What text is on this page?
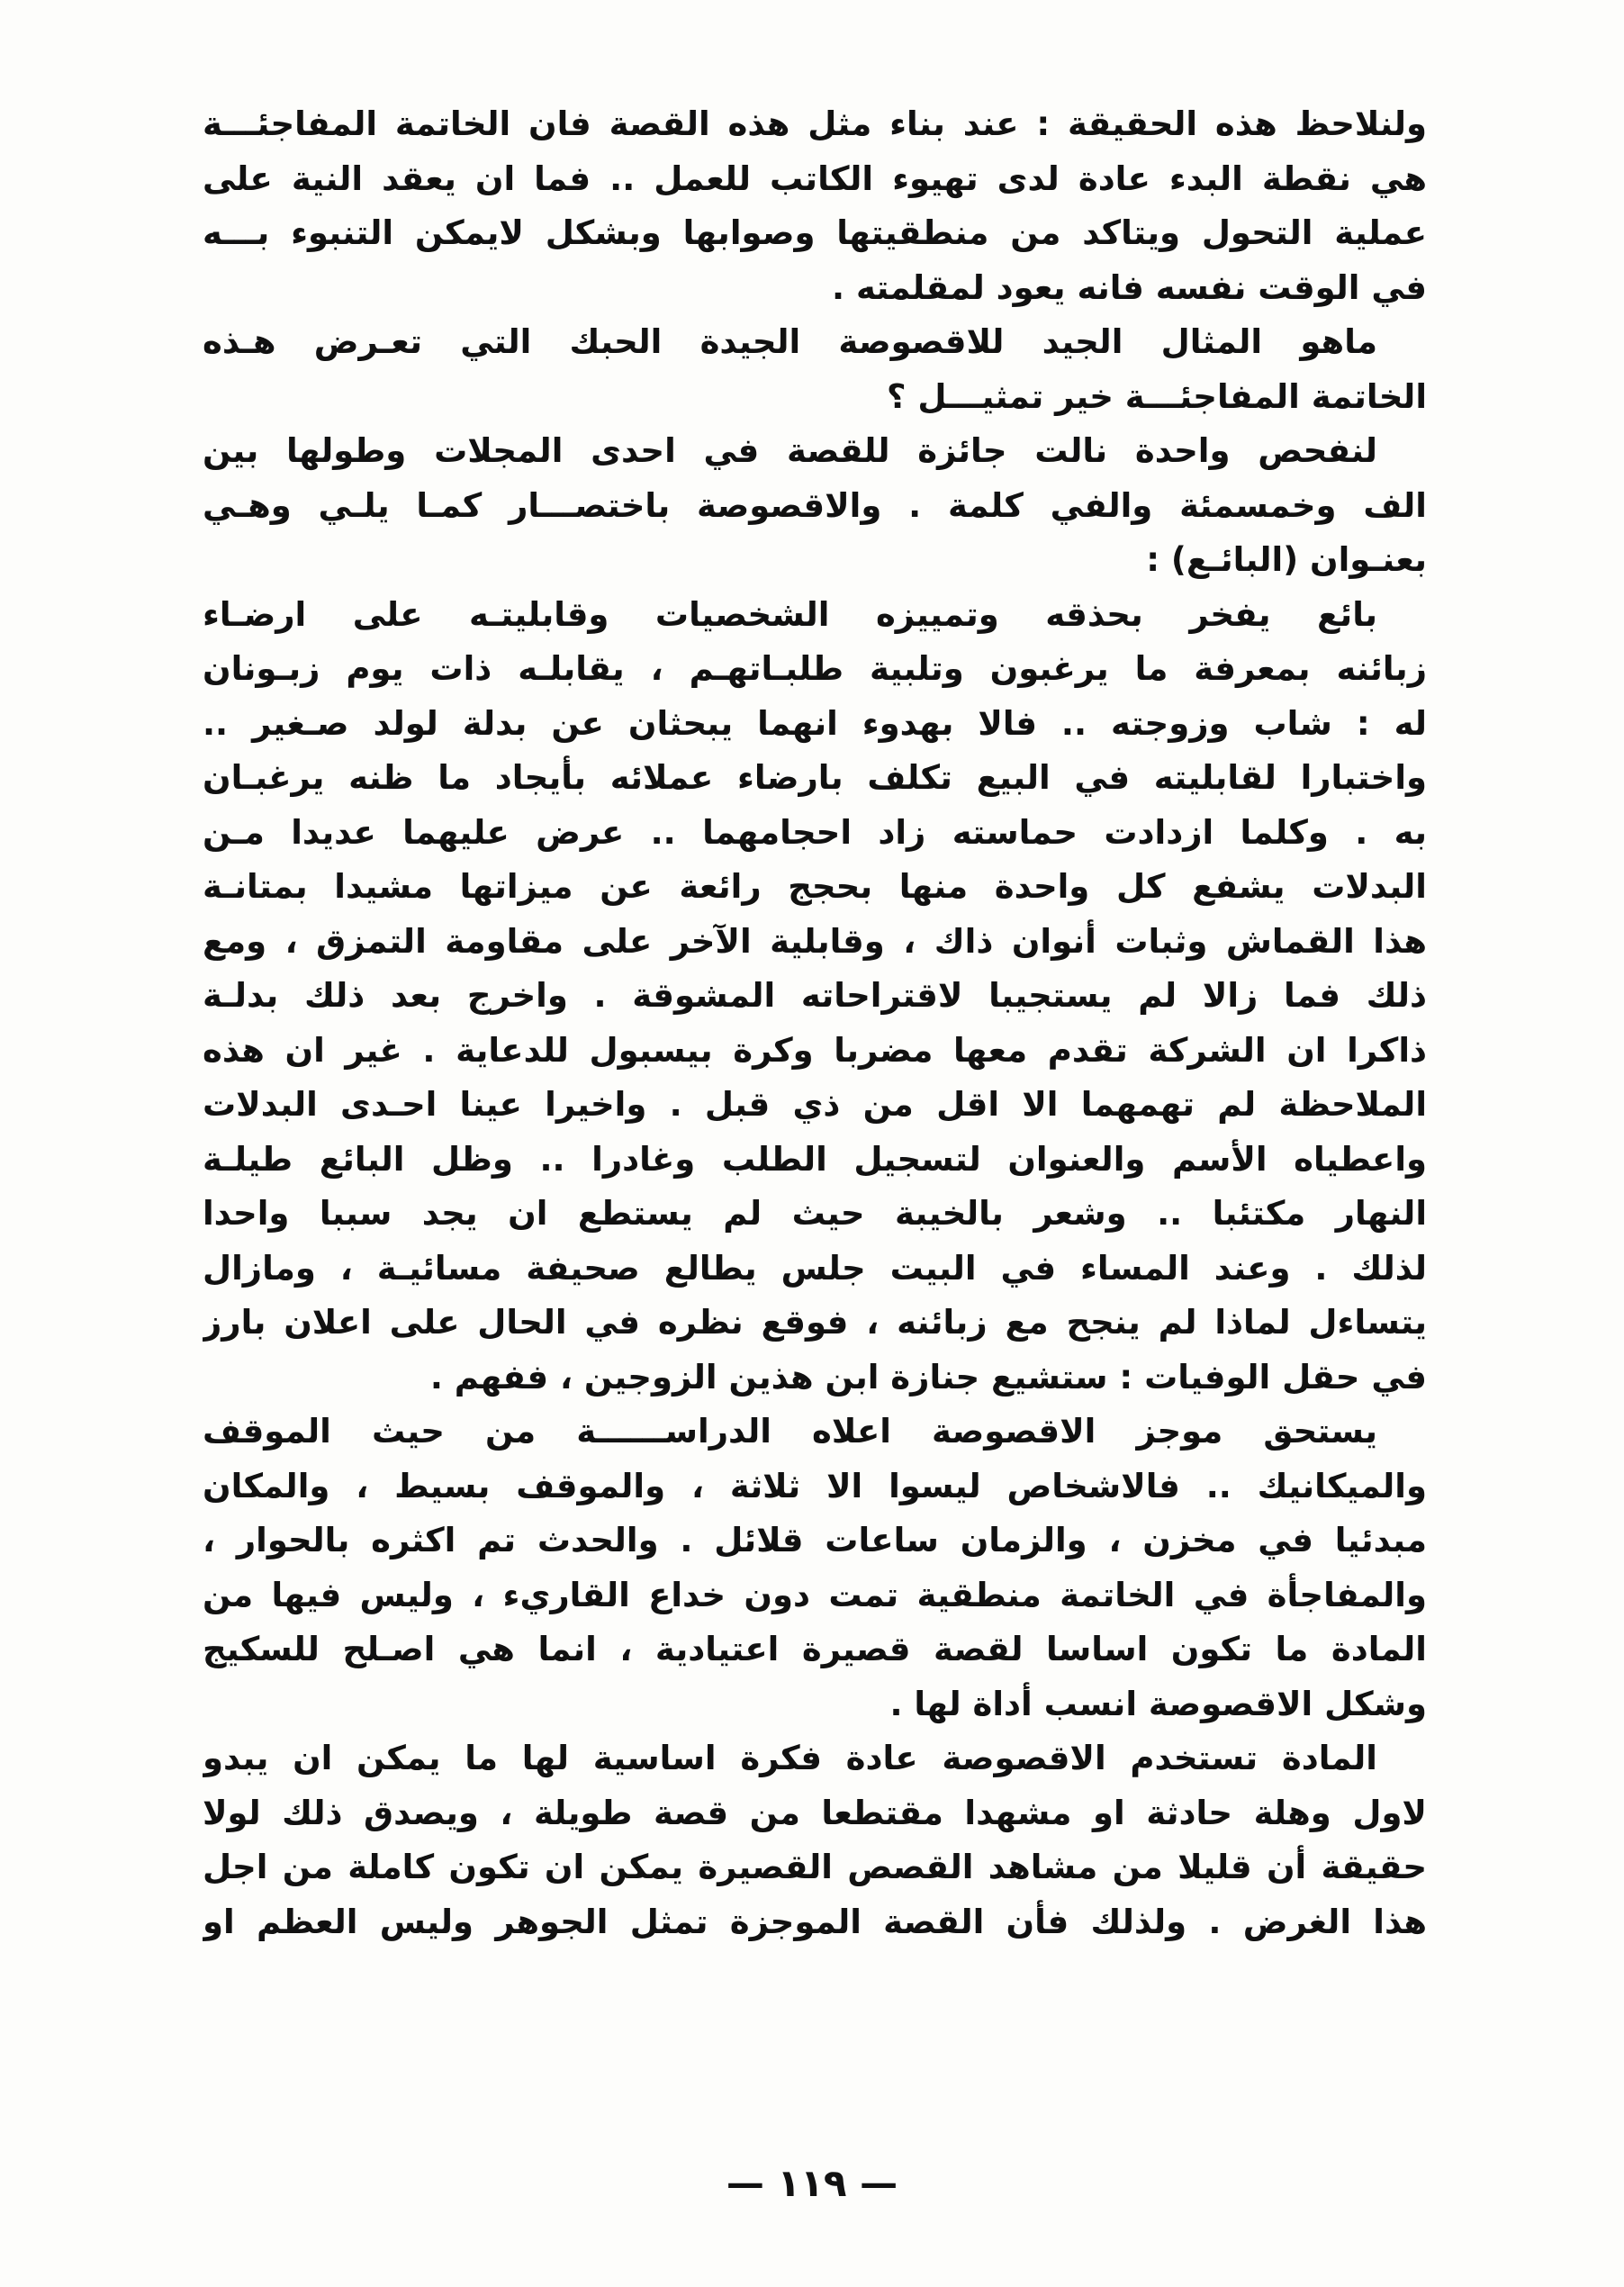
ولنلاحظ هذه الحقيقة : عند بناء مثل هذه القصة فان الخاتمة المفاجئـــة
هي نقطة البدء عادة لدى تهيوء الكاتب للعمل .. فما ان يعقد النية على
عملية التحول ويتاكد من منطقيتها وصوابها وبشكل لايمكن التنبوء بـــه
في الوقت نفسه فانه يعود لمقلمته .

ماهو المثال الجيد للاقصوصة الجيدة الحبك التي تعـرض هـذه
الخاتمة المفاجئـــة خير تمثيـــل ؟

لنفحص واحدة نالت جائزة للقصة في احدى المجلات وطولها بين
الف وخمسمئة والفي كلمة . والاقصوصة باختصـــار كمـا يلـي وهـي
بعنـوان (البائـع) :

بائع يفخر بحذقه وتمييزه الشخصيات وقابليتـه على ارضـاء
زبائنه بمعرفة ما يرغبون وتلبية طلبـاتهـم ، يقابلـه ذات يوم زبـونان
له : شاب وزوجته .. فالا بهدوء انهما يبحثان عن بدلة لولد صـغير ..
واختبارا لقابليته في البيع تكلف بارضاء عملائه بأيجاد ما ظنه يرغبـان
به . وكلما ازدادت حماسته زاد احجامهما .. عرض عليهما عديدا مـن
البدلات يشفع كل واحدة منها بحجج رائعة عن ميزاتها مشيدا بمتانـة
هذا القماش وثبات أنوان ذاك ، وقابلية الآخر على مقاومة التمزق ، ومع
ذلك فما زالا لم يستجيبا لاقتراحاته المشوقة . واخرج بعد ذلك بدلـة
ذاكرا ان الشركة تقدم معها مضربا وكرة بيسبول للدعاية . غير ان هذه
الملاحظة لم تهمهما الا اقل من ذي قبل . واخيرا عينا احـدى البدلات
واعطياه الأسم والعنوان لتسجيل الطلب وغادرا .. وظل البائع طيلـة
النهار مكتئبا .. وشعر بالخيبة حيث لم يستطع ان يجد سببا واحدا
لذلك . وعند المساء في البيت جلس يطالع صحيفة مسائيـة ، ومازال
يتساءل لماذا لم ينجح مع زبائنه ، فوقع نظره في الحال على اعلان بارز
في حقل الوفيات : ستشيع جنازة ابن هذين الزوجين ، ففهم .

يستحق موجز الاقصوصة اعلاه الدراســــــة من حيث الموقف
والميكانيك .. فالاشخاص ليسوا الا ثلاثة ، والموقف بسيط ، والمكان
مبدئيا في مخزن ، والزمان ساعات قلائل . والحدث تم اكثره بالحوار ،
والمفاجأة في الخاتمة منطقية تمت دون خداع القاريء ، وليس فيها من
المادة ما تكون اساسا لقصة قصيرة اعتيادية ، انما هي اصـلح للسكيج
وشكل الاقصوصة انسب أداة لها .

المادة تستخدم الاقصوصة عادة فكرة اساسية لها ما يمكن ان يبدو
لاول وهلة حادثة او مشهدا مقتطعا من قصة طويلة ، ويصدق ذلك لولا
حقيقة أن قليلا من مشاهد القصص القصيرة يمكن ان تكون كاملة من اجل
هذا الغرض . ولذلك فأن القصة الموجزة تمثل الجوهر وليس العظم او

— ١١٩ —
